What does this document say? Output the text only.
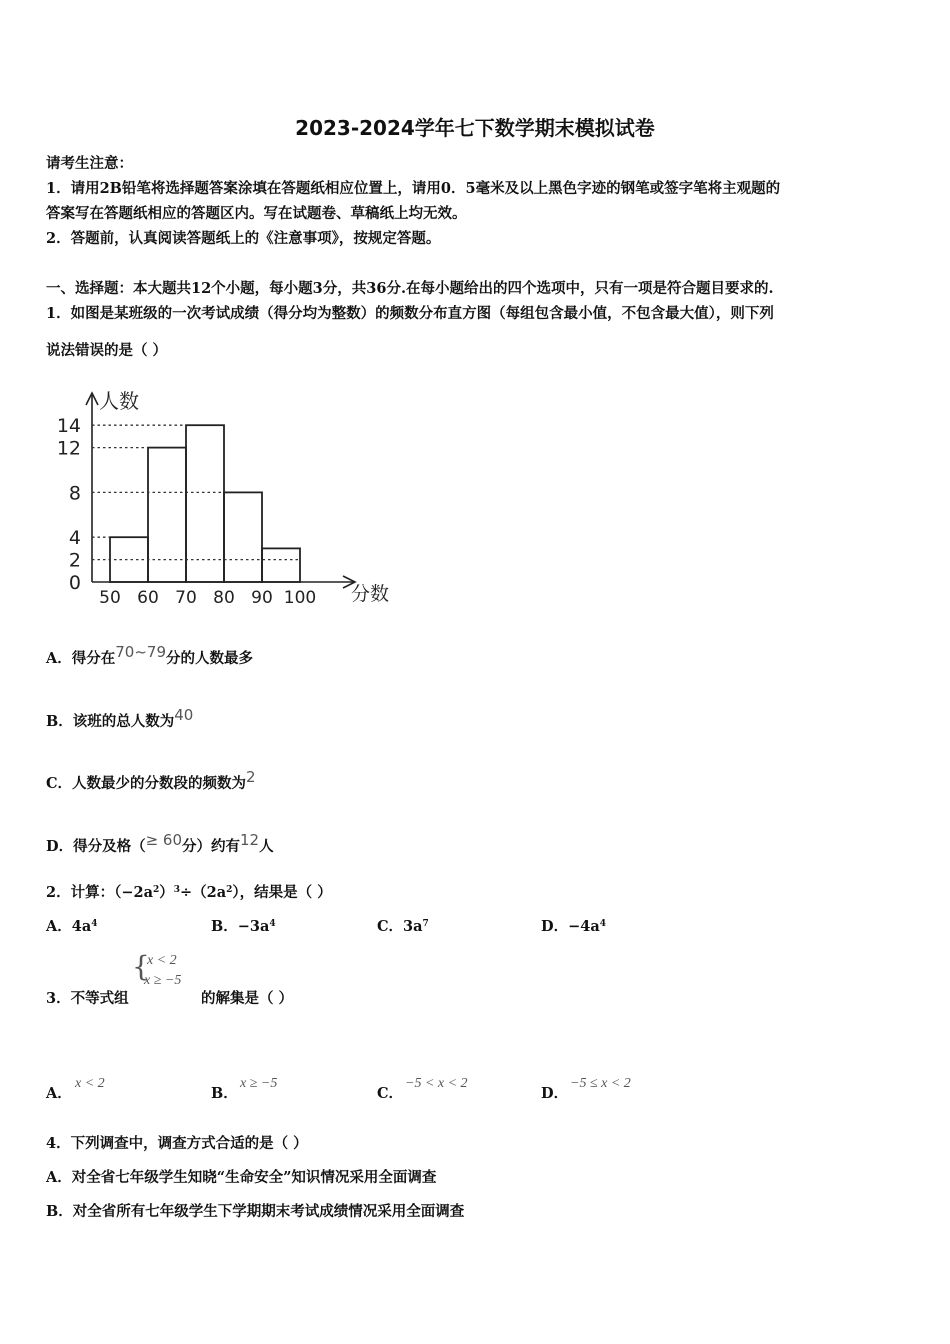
2023-2024学年七下数学期末模拟试卷
请考生注意：
1．请用2B铅笔将选择题答案涂填在答题纸相应位置上，请用0．5毫米及以上黑色字迹的钢笔或签字笔将主观题的
答案写在答题纸相应的答题区内。写在试题卷、草稿纸上均无效。
2．答题前，认真阅读答题纸上的《注意事项》，按规定答题。
一、选择题：本大题共12个小题，每小题3分，共36分.在每小题给出的四个选项中，只有一项是符合题目要求的.
1．如图是某班级的一次考试成绩（得分均为整数）的频数分布直方图（每组包含最小值，不包含最大值），则下列
说法错误的是（ ）
0
2
4
8
12
14
50 60 70 80 90 100
人数
分数
A．得分在70~79分的人数最多
B．该班的总人数为40
C．人数最少的分数段的频数为2
D．得分及格（≥ 60分）约有12人
2．计算：$(-2a^2)^3\div(2a^2)$，结果是（ ）
A．$4a^4$	B．$-3a^4$	C．$3a^7$	D．$-4a^4$
3．不等式组
{
x < 2
x ≥ −5
的解集是（ ）
A．
x < 2
B．
x ≥ −5
C．
−5 < x < 2
D．
−5 ≤ x < 2
4．下列调查中，调查方式合适的是（ ）
A．对全省七年级学生知晓“生命安全”知识情况采用全面调查
B．对全省所有七年级学生下学期期末考试成绩情况采用全面调查
